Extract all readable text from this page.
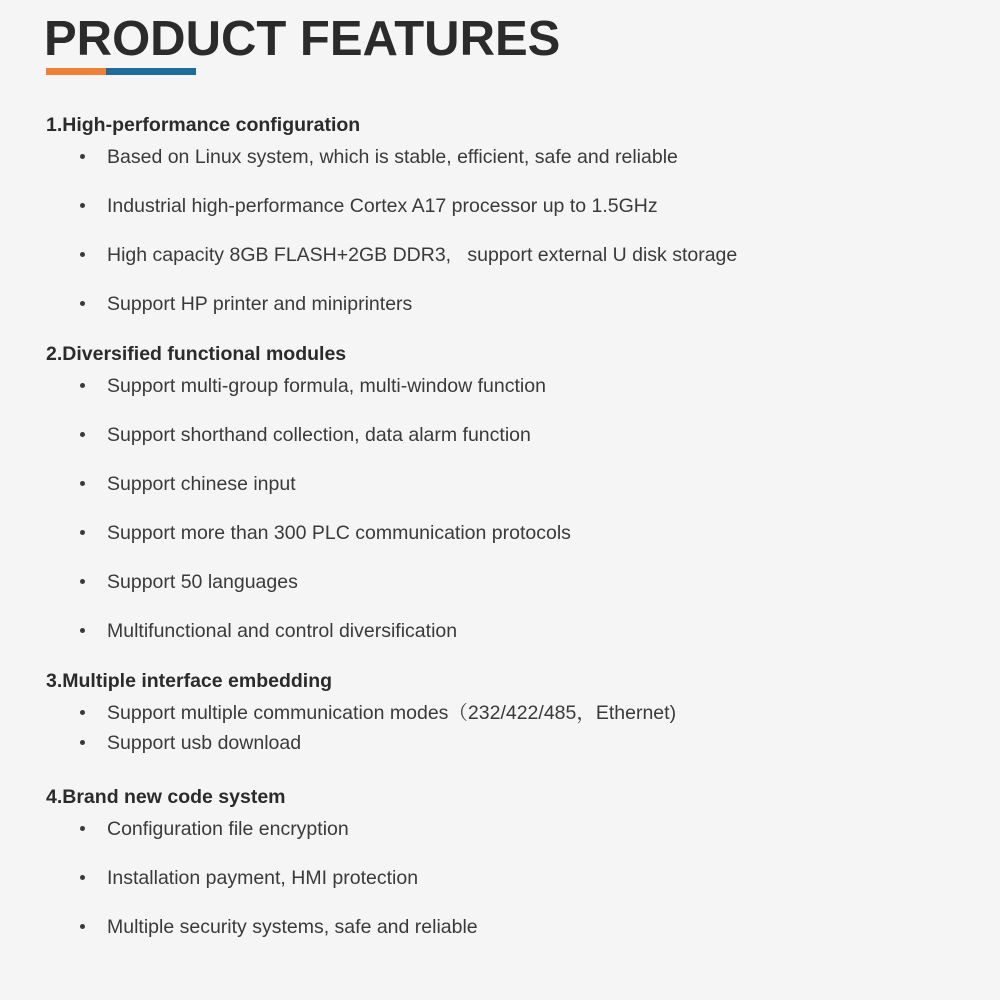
PRODUCT FEATURES
1.High-performance configuration
Based on Linux system, which is stable, efficient, safe and reliable
Industrial high-performance Cortex A17 processor up to 1.5GHz
High capacity 8GB FLASH+2GB DDR3,   support external U disk storage
Support HP printer and miniprinters
2.Diversified functional modules
Support multi-group formula, multi-window function
Support shorthand collection, data alarm function
Support chinese input
Support more than 300 PLC communication protocols
Support 50 languages
Multifunctional and control diversification
3.Multiple interface embedding
Support multiple communication modes（232/422/485，Ethernet)
Support usb download
4.Brand new code system
Configuration file encryption
Installation payment, HMI protection
Multiple security systems, safe and reliable
